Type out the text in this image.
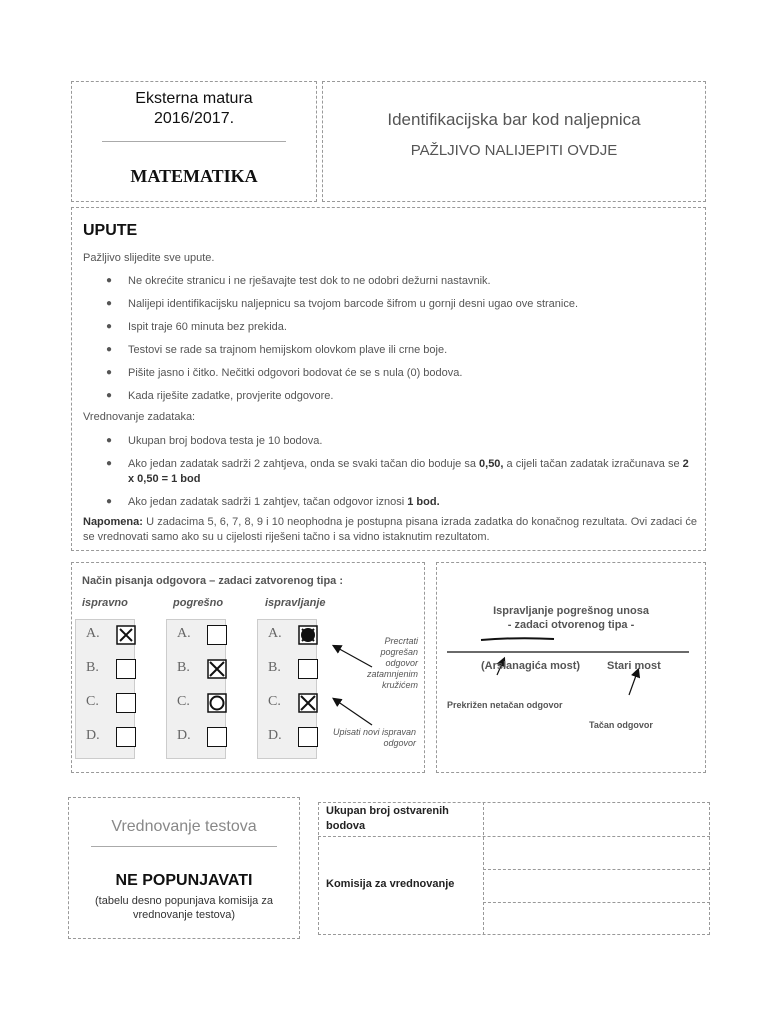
Eksterna matura
2016/2017.
MATEMATIKA
Identifikacijska bar kod naljepnica
PAŽLJIVO NALIJEPITI OVDJE
UPUTE
Pažljivo slijedite sve upute.
● Ne okrećite stranicu i ne rješavajte test dok to ne odobri dežurni nastavnik.
● Nalijepi identifikacijsku naljepnicu sa tvojom barcode šifrom u gornji desni ugao ove stranice.
● Ispit traje 60 minuta bez prekida.
● Testovi se rade sa trajnom hemijskom olovkom plave ili crne boje.
● Pišite jasno i čitko. Nečitki odgovori bodovat će se s nula (0) bodova.
● Kada riješite zadatke, provjerite odgovore.
Vrednovanje zadataka:
● Ukupan broj bodova testa je 10 bodova.
● Ako jedan zadatak sadrži 2 zahtjeva, onda se svaki tačan dio boduje sa 0,50, a cijeli tačan zadatak izračunava se 2 x 0,50 = 1 bod
● Ako jedan zadatak sadrži 1 zahtjev, tačan odgovor iznosi 1 bod.
Napomena: U zadacima 5, 6, 7, 8, 9 i 10 neophodna je postupna pisana izrada zadatka do konačnog rezultata. Ovi zadaci će se vrednovati samo ako su u cijelosti riješeni tačno i sa vidno istaknutim rezultatom.
Način pisanja odgovora – zadaci zatvorenog tipa :
ispravno	pogrešno	ispravljanje
A.
B.
C.
D.
A.
B.
C.
D.
A.
B.
C.
D.
Precrtati pogrešan odgovor zatamnjenim kružićem
Upisati novi ispravan odgovor
Ispravljanje pogrešnog unosa
- zadaci otvorenog tipa -
(Arslanagića most) Stari most
Prekrižen netačan odgovor
Tačan odgovor
Vrednovanje testova
NE POPUNJAVATI
(tabelu desno popunjava komisija za vrednovanje testova)
Ukupan broj ostvarenih bodova
Komisija za vrednovanje
